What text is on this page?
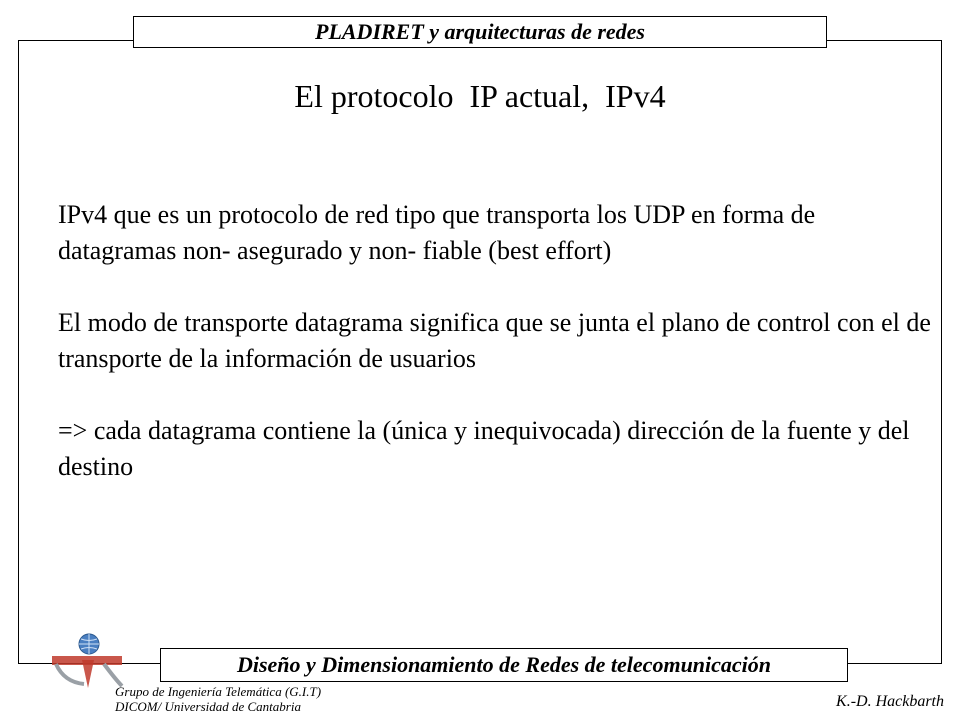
PLADIRET y arquitecturas de redes
El protocolo  IP actual,  IPv4

IPv4 que es un protocolo de red tipo que transporta los UDP en forma de datagramas non- asegurado y non- fiable (best effort)

El modo de transporte datagrama significa que se junta el plano de control con el de transporte de la información de usuarios

=> cada datagrama contiene la (única y inequivocada) dirección de la fuente y del destino

Diseño y Dimensionamiento de Redes de telecomunicación
Grupo de Ingeniería Telemática (G.I.T)
DICOM/ Universidad de Cantabria	K.-D. Hackbarth
